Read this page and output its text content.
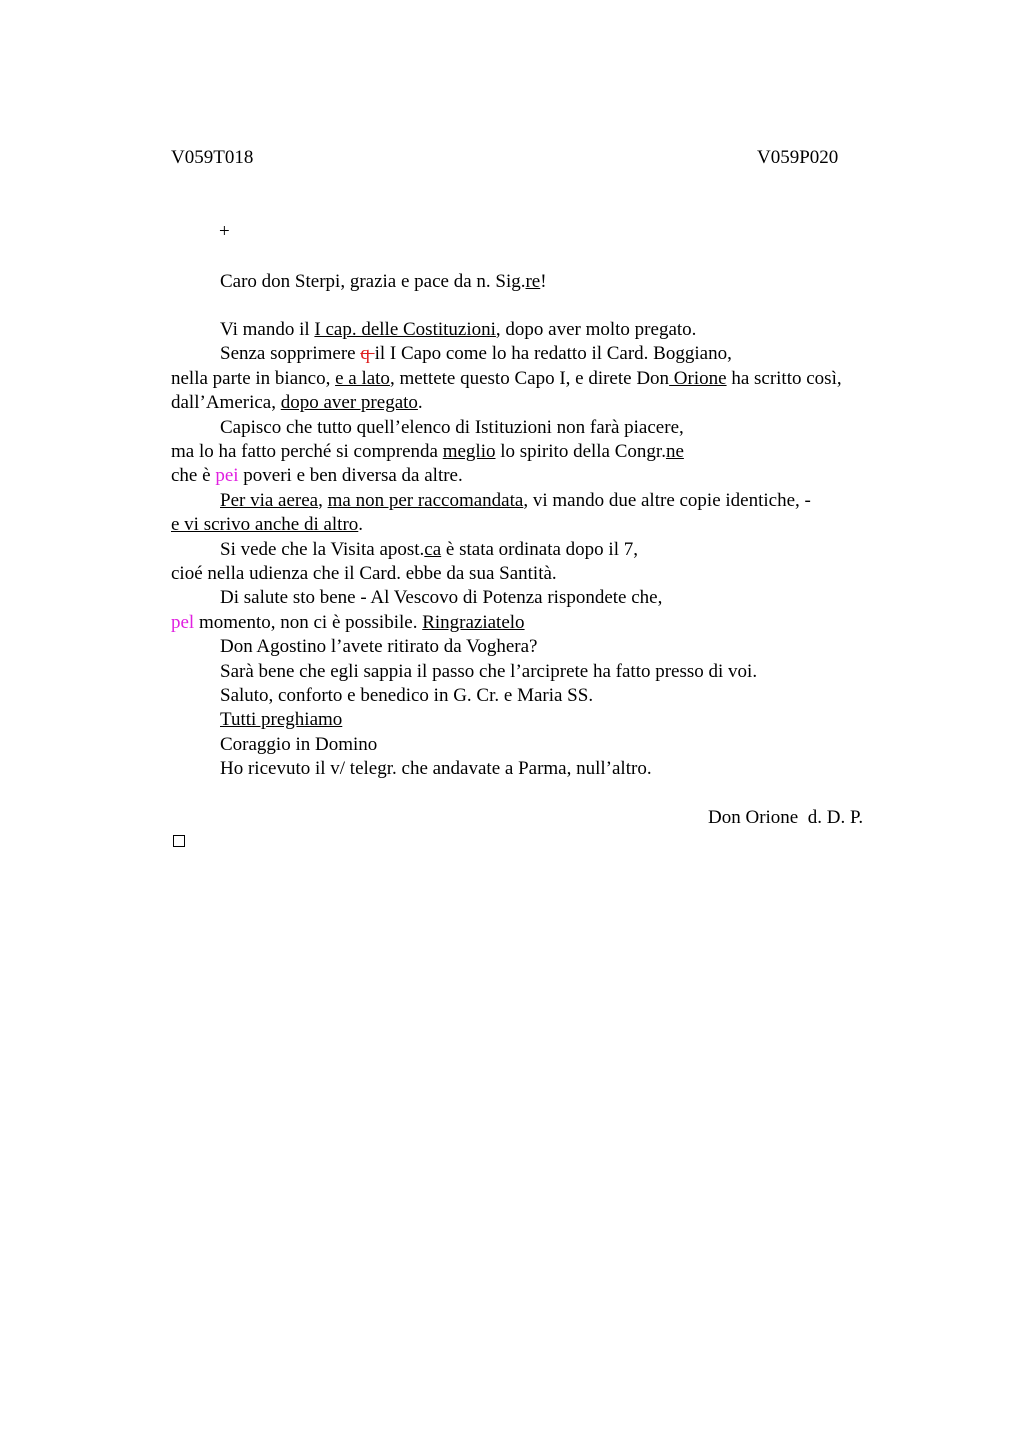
V059T018	V059P020
+
Caro don Sterpi, grazia e pace da n. Sig.re!
Vi mando il I cap. delle Costituzioni, dopo aver molto pregato.
Senza sopprimere q il I Capo come lo ha redatto il Card. Boggiano,
nella parte in bianco, e a lato, mettete questo Capo I, e direte Don Orione ha scritto così,
dall’America, dopo aver pregato.
Capisco che tutto quell’elenco di Istituzioni non farà piacere,
ma lo ha fatto perché si comprenda meglio lo spirito della Congr.ne
che è pei poveri e ben diversa da altre.
Per via aerea, ma non per raccomandata, vi mando due altre copie identiche, -
e vi scrivo anche di altro.
Si vede che la Visita apost.ca è stata ordinata dopo il 7,
cioé nella udienza che il Card. ebbe da sua Santità.
Di salute sto bene - Al Vescovo di Potenza rispondete che,
pel momento, non ci è possibile. Ringraziatelo
Don Agostino l’avete ritirato da Voghera?
Sarà bene che egli sappia il passo che l’arciprete ha fatto presso di voi.
Saluto, conforto e benedico in G. Cr. e Maria SS.
Tutti preghiamo
Coraggio in Domino
Ho ricevuto il v/ telegr. che andavate a Parma, null’altro.
Don Orione  d. D. P.
